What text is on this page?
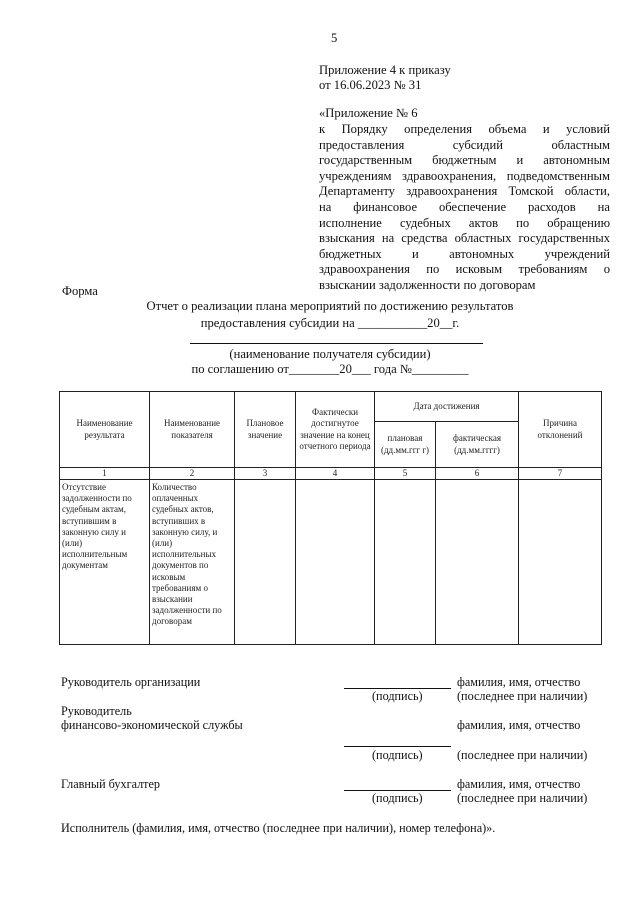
5
Приложение 4 к приказу
от 16.06.2023 № 31
«Приложение № 6
к Порядку определения объема и условий
предоставления субсидий областным
государственным бюджетным и автономным
учреждениям здравоохранения, подведомственным
Департаменту здравоохранения Томской области,
на финансовое обеспечение расходов на
исполнение судебных актов по обращению
взыскания на средства областных государственных
бюджетных и автономных учреждений
здравоохранения по исковым требованиям о
взыскании задолженности по договорам
Форма
Отчет о реализации плана мероприятий по достижению результатов
предоставления субсидии на ___________20__г.
(наименование получателя субсидии)
по соглашению от________20___ года №_________
Наименование результата	Наименование показателя	Плановое значение	Фактически достигнутое значение на конец отчетного периода	Дата достижения		Причина отклонений
				плановая (дд.мм.ггг г)	фактическая (дд.мм.гггг)	
1	2	3	4	5	6	7
Отсутствие задолженности по судебным актам, вступившим в законную силу и (или) исполнительным документам	Количество оплаченных судебных актов, вступивших в законную силу, и (или) исполнительных документов по исковым требованиям о взыскании задолженности по договорам					
Руководитель организации	фамилия, имя, отчество
(подпись)	(последнее при наличии)
Руководитель
финансово-экономической службы	фамилия, имя, отчество
(подпись)	(последнее при наличии)
Главный бухгалтер	фамилия, имя, отчество
(подпись)	(последнее при наличии)
Исполнитель (фамилия, имя, отчество (последнее при наличии), номер телефона)».
